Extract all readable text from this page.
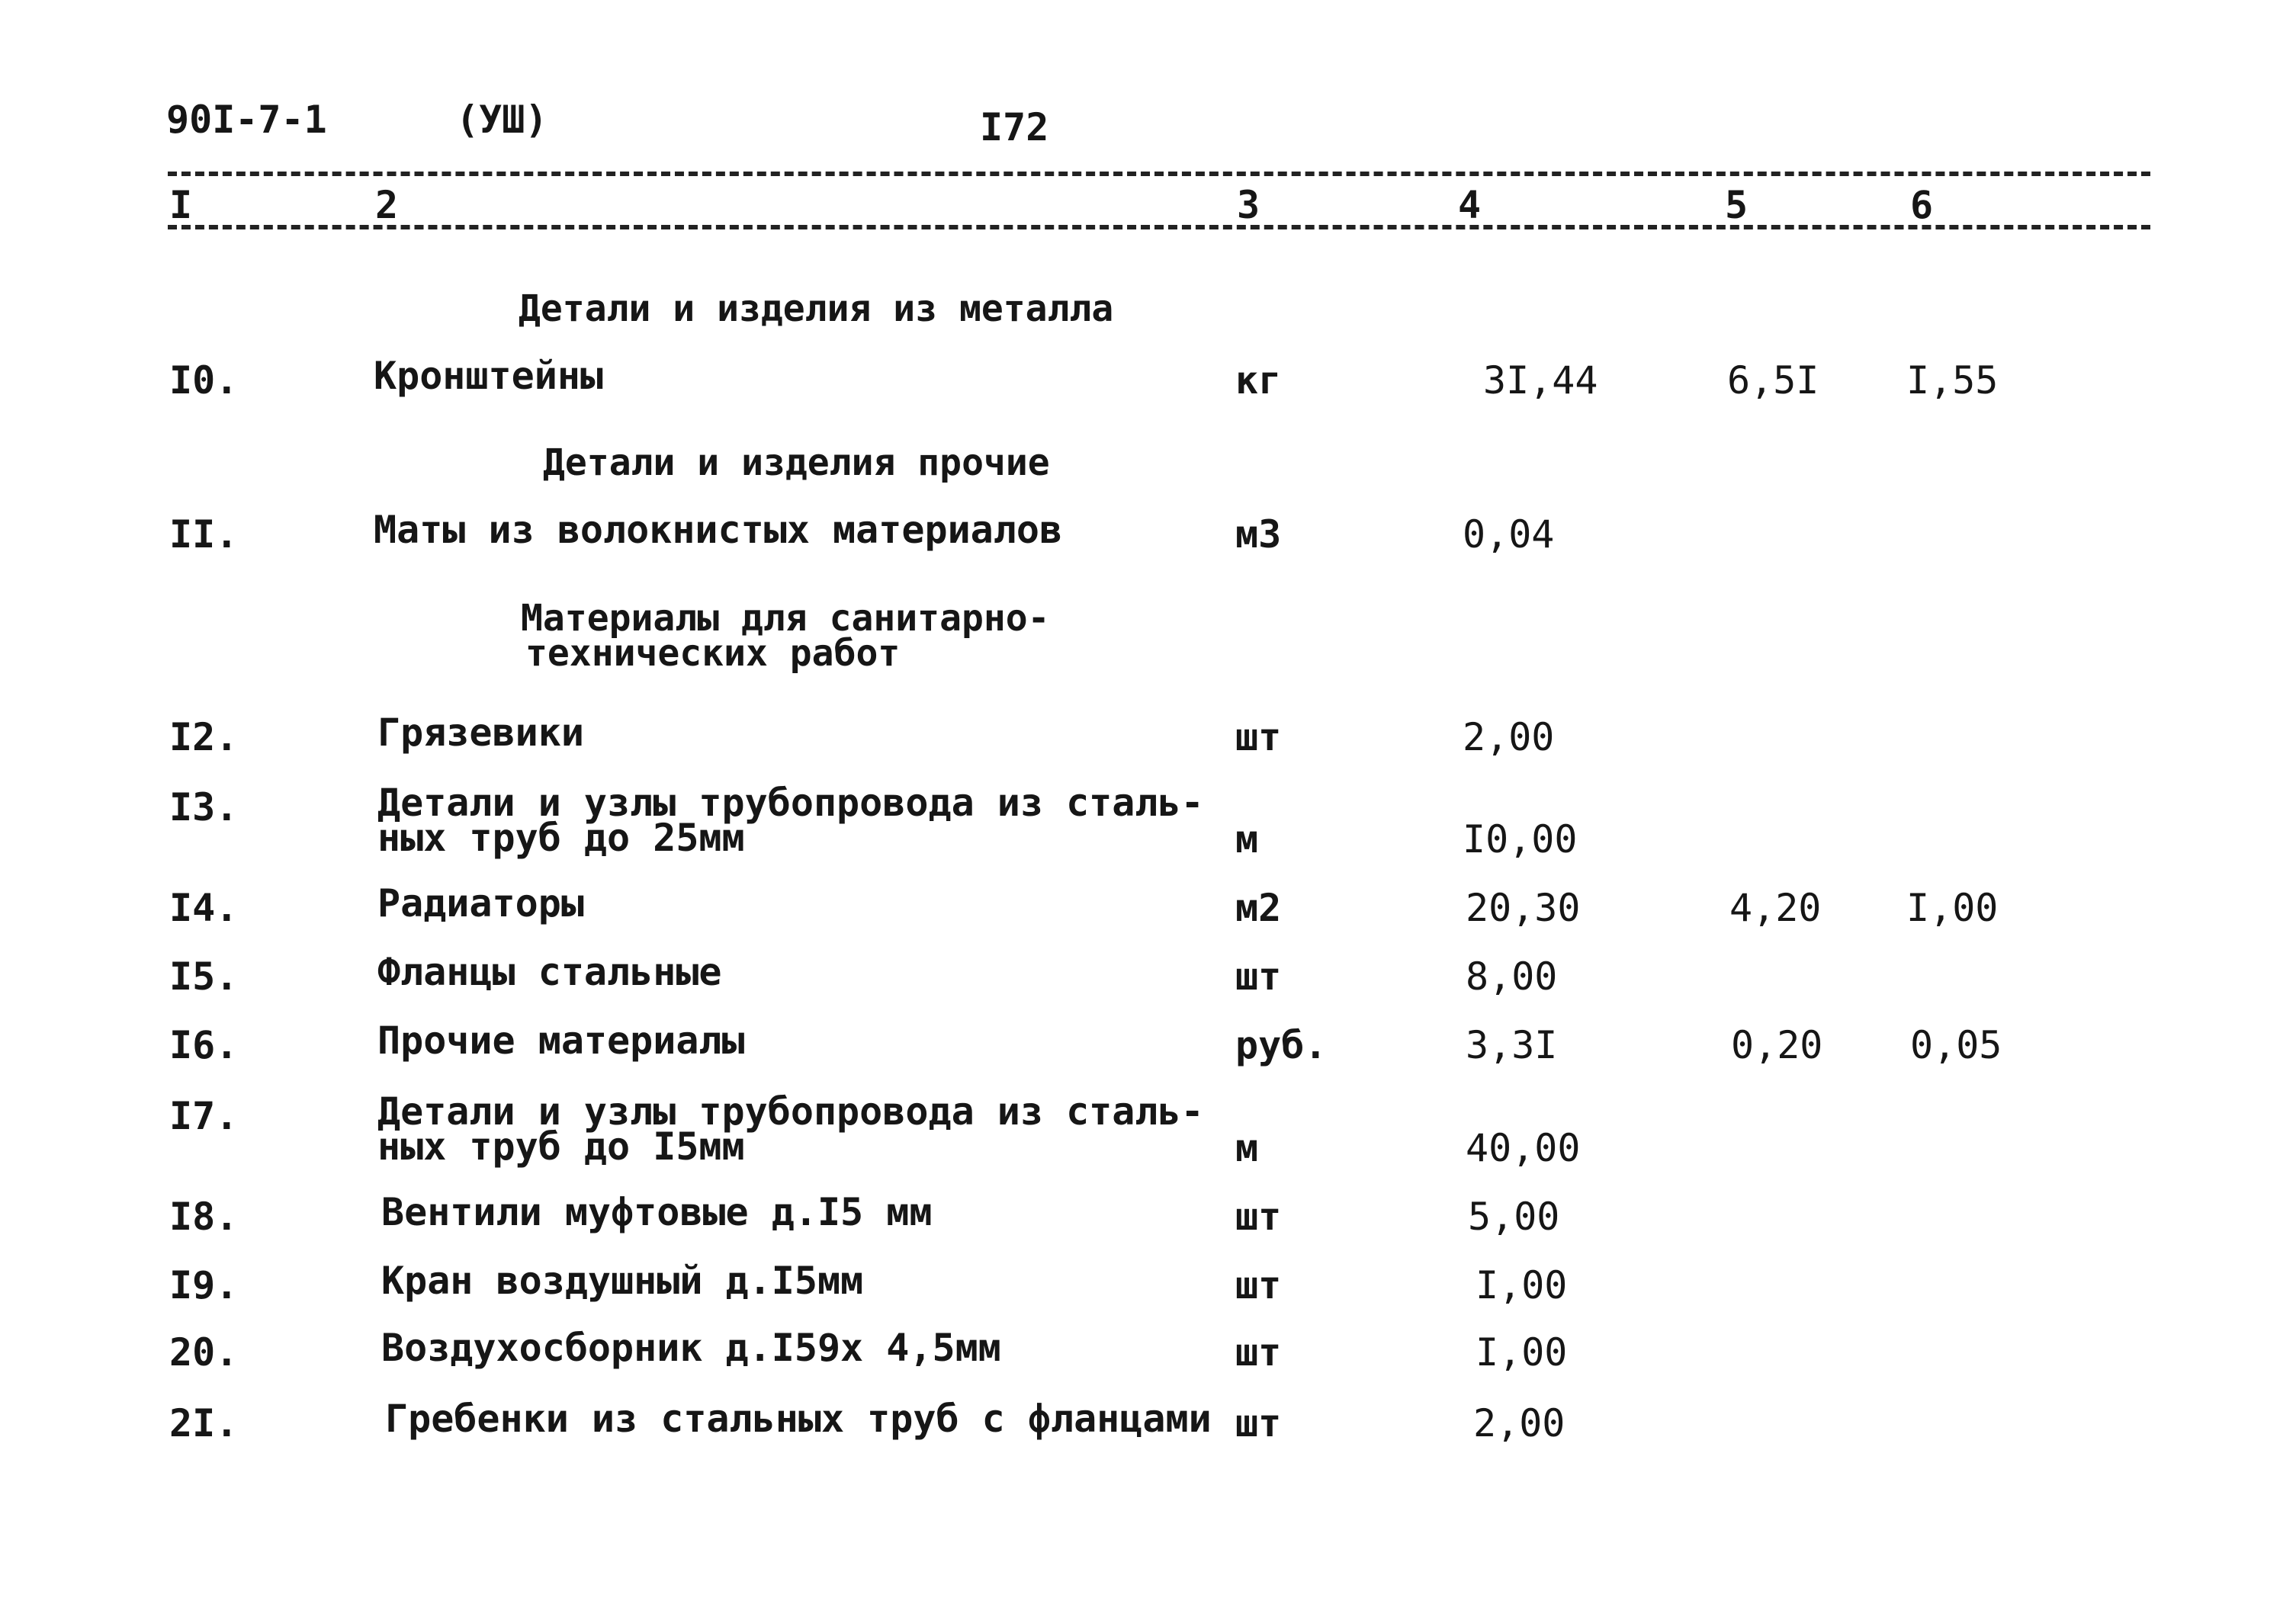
90I-7-1	(УШ)	I72
I	2	3	4	5	6
Детали и изделия из металла
Детали и изделия прочие
Материалы для санитарно-
технических работ
I0.	Кронштейны	кг	3I,44	6,5I I,55
II.	Маты из волокнистых материалов	м3	0,04
I2.	Грязевики	шт	2,00
I3.	Детали и узлы трубопровода из сталь-
ных труб до 25мм	м	I0,00
I4.	Радиаторы	м2	20,30	4,20 I,00
I5.	Фланцы стальные	шт	8,00
I6.	Прочие материалы	руб.	3,3I	0,20 0,05
I7.	Детали и узлы трубопровода из сталь-
ных труб до I5мм	м	40,00
I8.	Вентили муфтовые д.I5 мм	шт	5,00
I9.	Кран воздушный д.I5мм	шт	I,00
20.	Воздухосборник д.I59х 4,5мм	шт	I,00
2I.	Гребенки из стальных труб с фланцами шт	2,00
